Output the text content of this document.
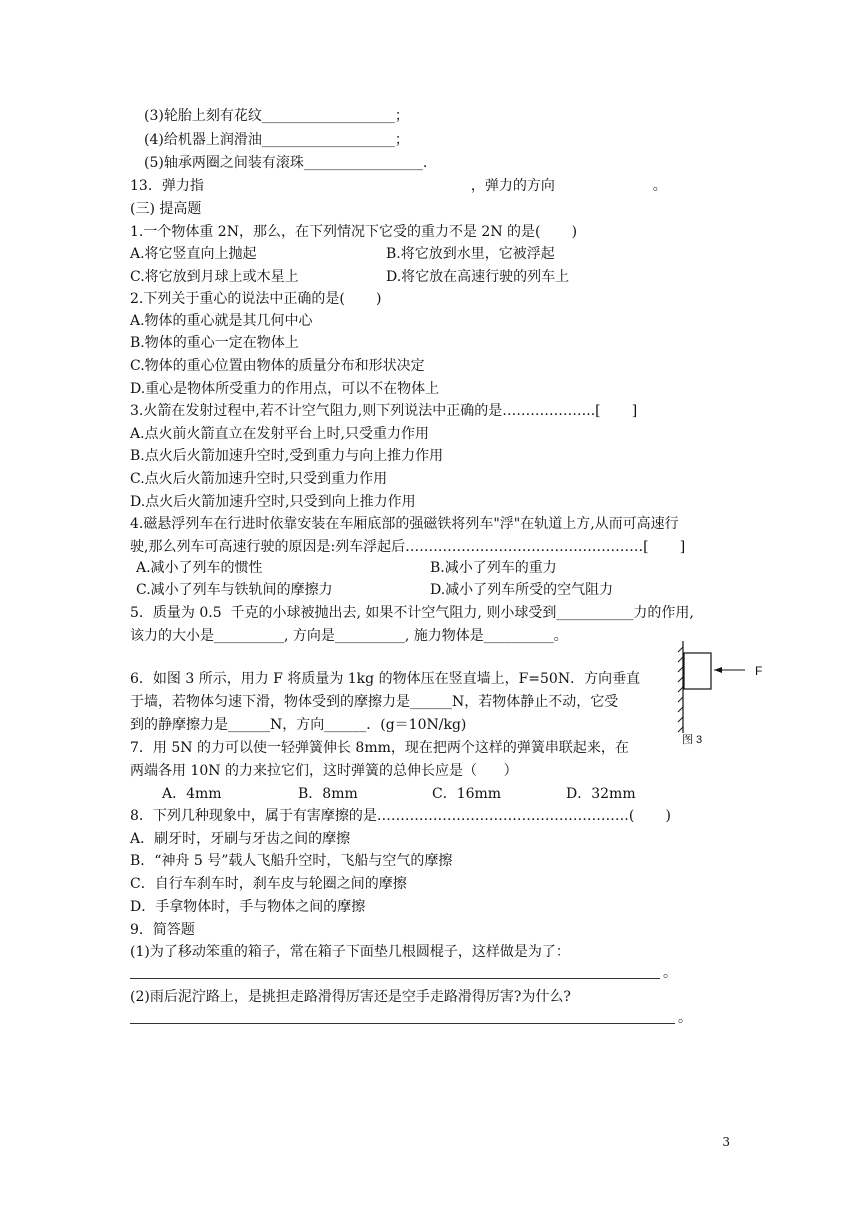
(3)轮胎上刻有花纹___________________；
(4)给机器上润滑油___________________；
(5)轴承两圈之间装有滚珠_________________.
13．弹力指                                                            ，弹力的方向                      。
(三) 提高题
1.一个物体重 2N，那么，在下列情况下它受的重力不是 2N 的是(       )
A.将它竖直向上抛起	B.将它放到水里，它被浮起
C.将它放到月球上或木星上	D.将它放在高速行驶的列车上
2.下列关于重心的说法中正确的是(       )
A.物体的重心就是其几何中心
B.物体的重心一定在物体上
C.物体的重心位置由物体的质量分布和形状决定
D.重心是物体所受重力的作用点，可以不在物体上
3.火箭在发射过程中,若不计空气阻力,则下列说法中正确的是………………..[       ]
A.点火前火箭直立在发射平台上时,只受重力作用
B.点火后火箭加速升空时,受到重力与向上推力作用
C.点火后火箭加速升空时,只受到重力作用
D.点火后火箭加速升空时,只受到向上推力作用
4.磁悬浮列车在行进时依靠安装在车厢底部的强磁铁将列车"浮"在轨道上方,从而可高速行
驶,那么列车可高速行驶的原因是:列车浮起后……………………………………………[       ]
A.减小了列车的惯性	B.减小了列车的重力
C.减小了列车与铁轨间的摩擦力	D.减小了列车所受的空气阻力
5．质量为 0.5  千克的小球被抛出去, 如果不计空气阻力, 则小球受到___________力的作用,
该力的大小是__________, 方向是__________, 施力物体是__________。
6．如图 3 所示，用力 F 将质量为 1kg 的物体压在竖直墙上，F=50N．方向垂直
于墙，若物体匀速下滑，物体受到的摩擦力是______N，若物体静止不动，它受
到的静摩擦力是______N，方向______．(g＝10N/kg)
7．用 5N 的力可以使一轻弹簧伸长 8mm，现在把两个这样的弹簧串联起来，在
两端各用 10N 的力来拉它们，这时弹簧的总伸长应是（      ）
A．4mm	B．8mm	C．16mm	D．32mm
8．下列几种现象中，属于有害摩擦的是………………………………………………(       )
A．刷牙时，牙刷与牙齿之间的摩擦
B．“神舟 5 号”载人飞船升空时，飞船与空气的摩擦
C．自行车刹车时，刹车皮与轮圈之间的摩擦
D．手拿物体时，手与物体之间的摩擦
9．简答题
(1)为了移动笨重的箱子，常在箱子下面垫几根圆棍子，这样做是为了：
。
(2)雨后泥泞路上，是挑担走路滑得厉害还是空手走路滑得厉害?为什么?
。
3
F
图 3
